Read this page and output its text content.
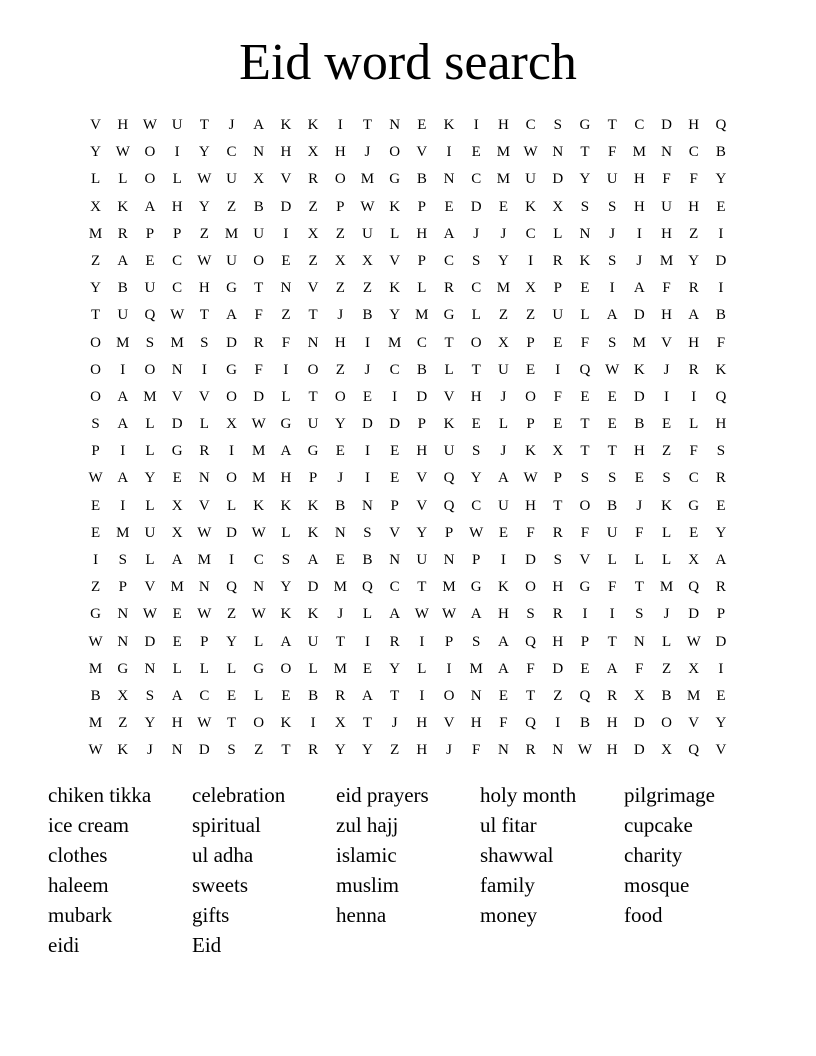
Eid word search
V	H W U	T	J	A	K	K	I	T	N	E	K	I	H	C	S	G	T	C	D	H	Q
Y W O	I	Y	C	N	H	X	H	J	O	V	I	E	M W N	T	F	M	N	C	B
L	L	O	L	W U	X	V	R	O	M	G	B	N	C	M	U	D	Y	U	H	F	F	Y
X	K	A	H	Y	Z	B	D	Z	P	W K	P	E	D	E	K	X	S	S	H	U	H	E
M	R	P	P	Z	M	U	I	X	Z	U	L	H	A	J	J	C	L	N	J	I	H	Z	I
Z	A	E	C	W U	O	E	Z	X	X	V	P	C	S	Y	I	R	K	S	J	M	Y	D
Y	B	U	C	H	G	T	N	V	Z	Z	K	L	R	C	M	X	P	E	I	A	F	R	I
T	U	Q W	T	A	F	Z	T	J	B	Y	M	G	L	Z	Z	U	L	A	D	H	A	B
O	M	S	M	S	D	R	F	N	H	I	M	C	T	O	X	P	E	F	S	M	V	H	F
O	I	O	N	I	G	F	I	O	Z	J	C	B	L	T	U	E	I	Q W K	J	R	K
O	A	M	V	V	O	D	L	T	O	E	I	D	V	H	J	O	F	E	E	D	I	I	Q
S	A	L	D	L	X W G	U	Y	D	D	P	K	E	L	P	E	T	E	B	E	L	H
P	I	L	G	R	I	M	A	G	E	I	E	H	U	S	J	K	X	T	T	H	Z	F	S
W A	Y	E	N	O	M	H	P	J	I	E	V	Q	Y	A W	P	S	S	E	S	C	R
E	I	L	X	V	L	K	K	K	B	N	P	V	Q	C	U	H	T	O	B	J	K	G	E
E	M	U	X W D W	L	K	N	S	V	Y	P	W	E	F	R	F	U	F	L	E	Y
I	S	L	A	M	I	C	S	A	E	B	N	U	N	P	I	D	S	V	L	L	L	X	A
Z	P	V	M	N	Q	N	Y	D	M	Q	C	T	M	G	K	O	H	G	F	T	M	Q	R
G	N W	E	W	Z	W K	K	J	L	A W W A	H	S	R	I	I	S	J	D	P
W N	D	E	P	Y	L	A	U	T	I	R	I	P	S	A	Q	H	P	T	N	L	W D
M	G	N	L	L	L	G	O	L	M	E	Y	L	I	M	A	F	D	E	A	F	Z	X	I
B	X	S	A	C	E	L	E	B	R	A	T	I	O	N	E	T	Z	Q	R	X	B	M	E
M	Z	Y	H W	T	O	K	I	X	T	J	H	V	H	F	Q	I	B	H	D	O	V	Y
W K	J	N	D	S	Z	T	R	Y	Y	Z	H	J	F	N	R	N W H	D	X	Q	V
chiken tikka	celebration	eid prayers	holy month	pilgrimage
ice cream	spiritual	zul hajj	ul fitar	cupcake
clothes	ul adha	islamic	shawwal	charity
haleem	sweets	muslim	family	mosque
mubark	gifts	henna	money	food
eidi	Eid
